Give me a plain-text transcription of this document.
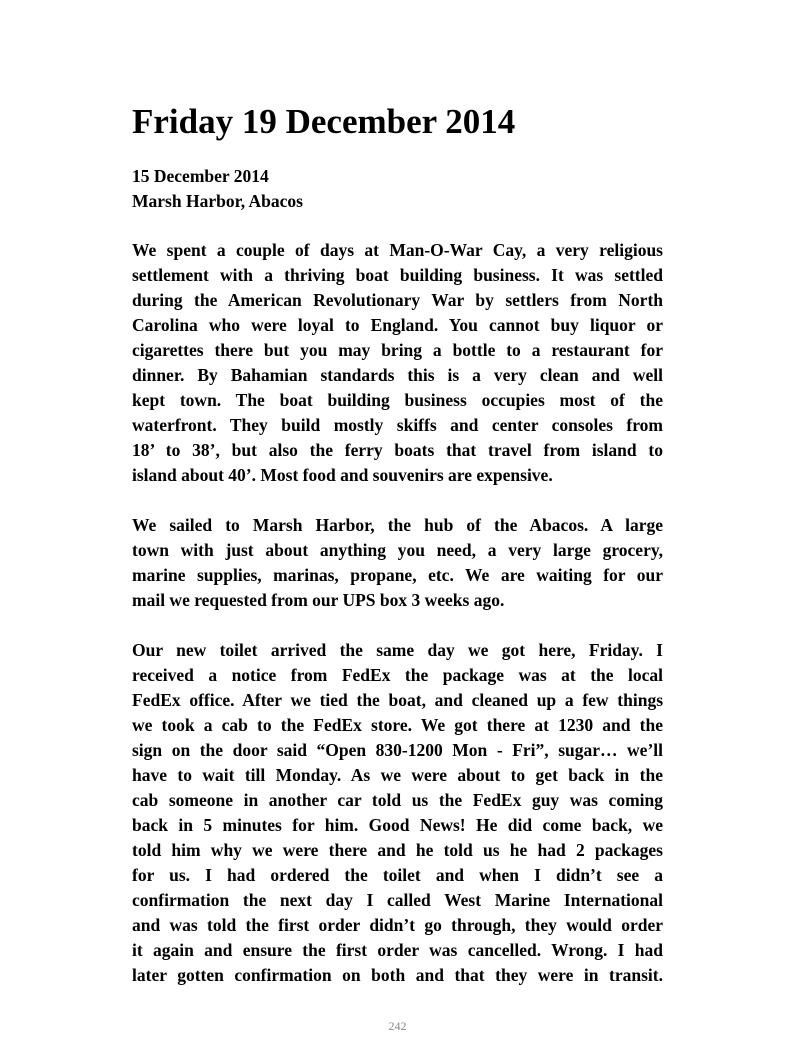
Friday 19 December 2014
15 December 2014
Marsh Harbor, Abacos
We spent a couple of days at Man-O-War Cay, a very religious
settlement with a thriving boat building business. It was settled
during the American Revolutionary War by settlers from North
Carolina who were loyal to England. You cannot buy liquor or
cigarettes there but you may bring a bottle to a restaurant for
dinner. By Bahamian standards this is a very clean and well
kept town. The boat building business occupies most of the
waterfront. They build mostly skiffs and center consoles from
18’ to 38’, but also the ferry boats that travel from island to
island about 40’. Most food and souvenirs are expensive.
We sailed to Marsh Harbor, the hub of the Abacos. A large
town with just about anything you need, a very large grocery,
marine supplies, marinas, propane, etc. We are waiting for our
mail we requested from our UPS box 3 weeks ago.
Our new toilet arrived the same day we got here, Friday. I
received a notice from FedEx the package was at the local
FedEx office. After we tied the boat, and cleaned up a few things
we took a cab to the FedEx store. We got there at 1230 and the
sign on the door said “Open 830-1200 Mon - Fri”, sugar… we’ll
have to wait till Monday. As we were about to get back in the
cab someone in another car told us the FedEx guy was coming
back in 5 minutes for him. Good News! He did come back, we
told him why we were there and he told us he had 2 packages
for us. I had ordered the toilet and when I didn’t see a
confirmation the next day I called West Marine International
and was told the first order didn’t go through, they would order
it again and ensure the first order was cancelled. Wrong. I had
later gotten confirmation on both and that they were in transit.
242
